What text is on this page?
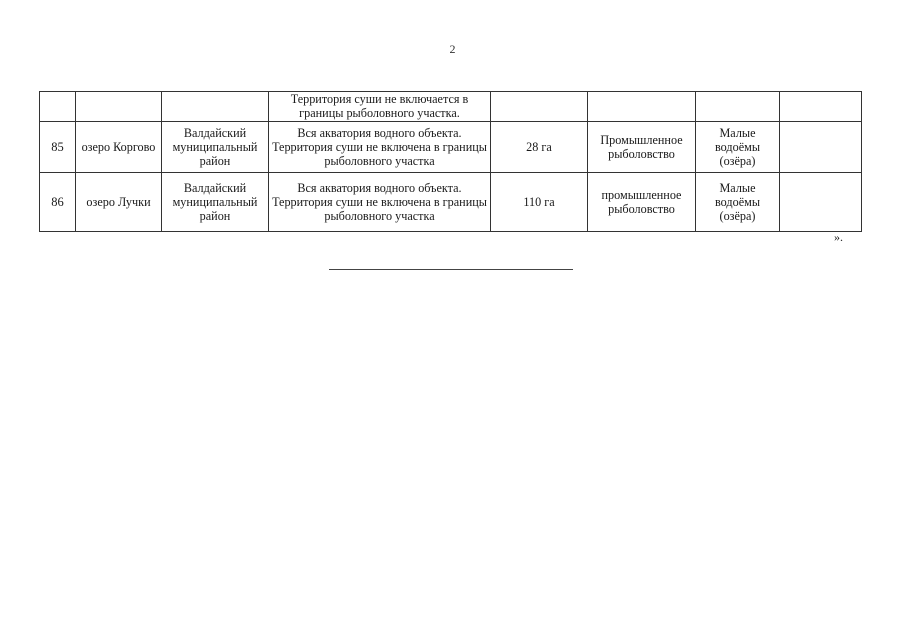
2
			Территория суши не включается в границы рыболовного участка.				
85	озеро Коргово	Валдайский муниципальный район	Вся акватория водного объекта. Территория суши не включена в границы рыболовного участка	28 га	Промышленное рыболовство	Малые водоёмы (озёра)	
86	озеро Лучки	Валдайский муниципальный район	Вся акватория водного объекта. Территория суши не включена в границы рыболовного участка	110 га	промышленное рыболовство	Малые водоёмы (озёра)	
».
